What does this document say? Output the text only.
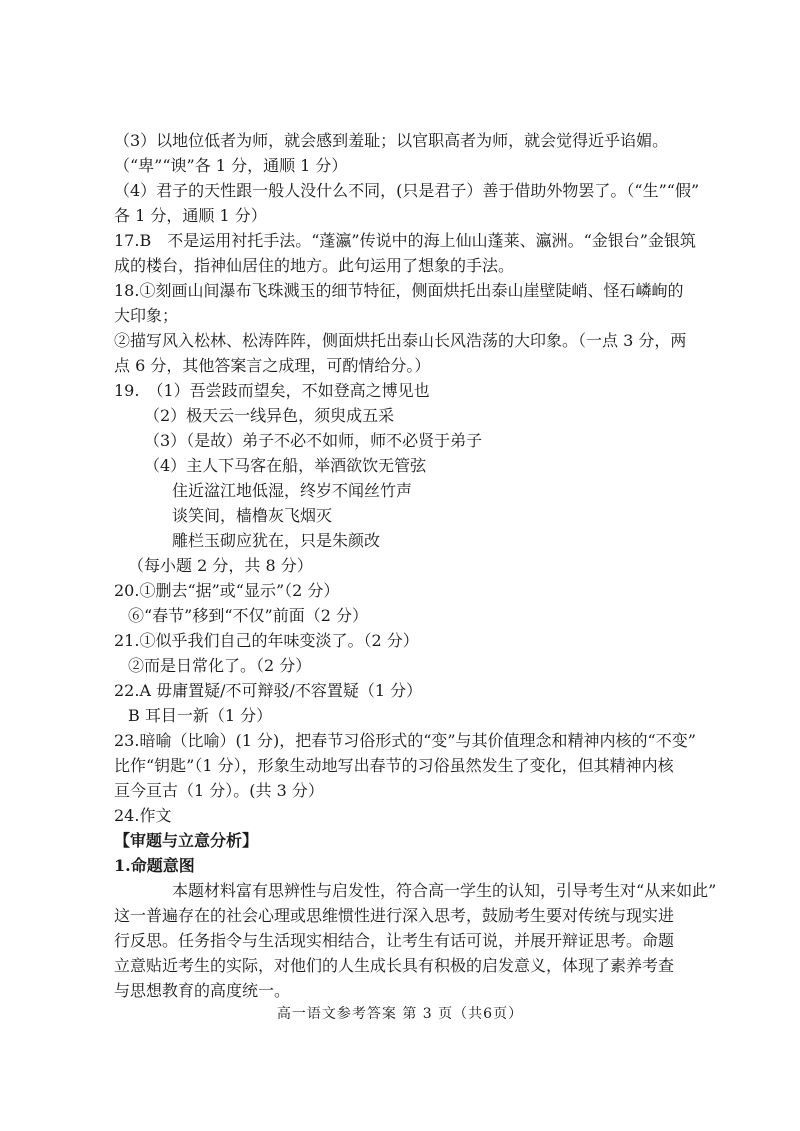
（3）以地位低者为师，就会感到羞耻；以官职高者为师，就会觉得近乎谄媚。
（“卑”“谀”各 1 分，通顺 1 分）
（4）君子的天性跟一般人没什么不同，(只是君子）善于借助外物罢了。（“生”“假”
各 1 分，通顺 1 分）
17.B　不是运用衬托手法。“蓬瀛”传说中的海上仙山蓬莱、瀛洲。“金银台”金银筑
成的楼台，指神仙居住的地方。此句运用了想象的手法。
18.①刻画山间瀑布飞珠溅玉的细节特征，侧面烘托出泰山崖壁陡峭、怪石嶙峋的
大印象；
②描写风入松林、松涛阵阵，侧面烘托出泰山长风浩荡的大印象。（一点 3 分，两
点 6 分，其他答案言之成理，可酌情给分。）
19.　（1）吾尝跂而望矣，不如登高之博见也
（2）极天云一线异色，须臾成五采
（3）（是故）弟子不必不如师，师不必贤于弟子
（4）主人下马客在船，举酒欲饮无管弦
住近湓江地低湿，终岁不闻丝竹声
谈笑间，樯橹灰飞烟灭
雕栏玉砌应犹在，只是朱颜改
（每小题 2 分，共 8 分）
20.①删去“据”或“显示”（2 分）
⑥“春节”移到“不仅”前面（2 分）
21.①似乎我们自己的年味变淡了。（2 分）
②而是日常化了。（2 分）
22.A 毋庸置疑/不可辩驳/不容置疑（1 分）
B 耳目一新（1 分）
23.暗喻（比喻）(1 分)，把春节习俗形式的“变”与其价值理念和精神内核的“不变”
比作“钥匙”（1 分），形象生动地写出春节的习俗虽然发生了变化，但其精神内核
亘今亘古（1 分）。(共 3 分）
24.作文
【审题与立意分析】
1.命题意图
本题材料富有思辨性与启发性，符合高一学生的认知，引导考生对“从来如此”
这一普遍存在的社会心理或思维惯性进行深入思考，鼓励考生要对传统与现实进
行反思。任务指令与生活现实相结合，让考生有话可说，并展开辩证思考。命题
立意贴近考生的实际，对他们的人生成长具有积极的启发意义，体现了素养考查
与思想教育的高度统一。
高一语文参考答案 第 3 页（共6页）
